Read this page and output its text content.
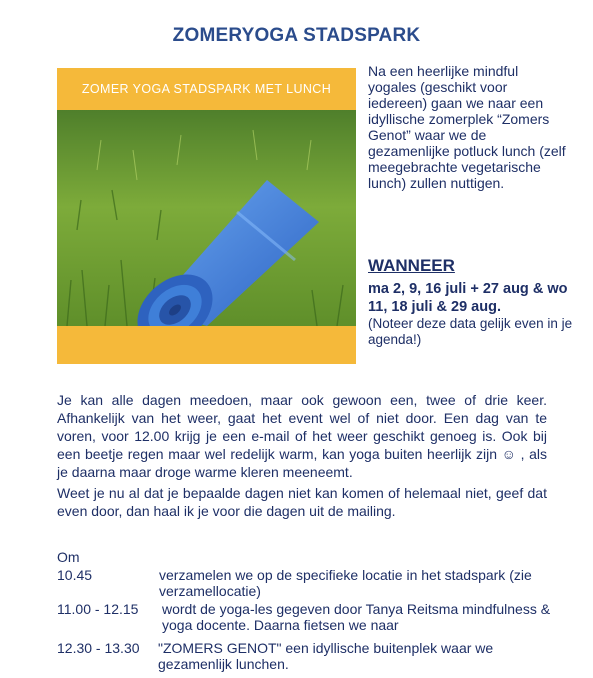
ZOMERYOGA STADSPARK
ZOMER YOGA STADSPARK MET LUNCH
Na een heerlijke mindful yogales (geschikt voor iedereen) gaan we naar een idyllische zomerplek “Zomers Genot” waar we de gezamenlijke potluck lunch (zelf meegebrachte vegetarische lunch) zullen nuttigen.
WANNEER
ma 2, 9, 16 juli + 27 aug & wo 11, 18 juli & 29 aug.
(Noteer deze data gelijk even in je agenda!)
Je kan alle dagen meedoen, maar ook gewoon een, twee of drie keer. Afhankelijk van het weer, gaat het event wel of niet door. Een dag van te voren, voor 12.00 krijg je een e-mail of het weer geschikt genoeg is. Ook bij een beetje regen maar wel redelijk warm, kan yoga buiten heerlijk zijn ☺ , als je daarna maar droge warme kleren meeneemt.
Weet je nu al dat je bepaalde dagen niet kan komen of helemaal niet, geef dat even door, dan haal ik je voor die dagen uit de mailing.
Om
10.45	verzamelen we op de specifieke locatie in het stadspark (zie verzamellocatie)
11.00 - 12.15 wordt de yoga-les gegeven door Tanya Reitsma mindfulness & yoga docente. Daarna fietsen we naar
12.30 - 13.30 "ZOMERS GENOT" een idyllische buitenplek waar we gezamenlijk lunchen.
